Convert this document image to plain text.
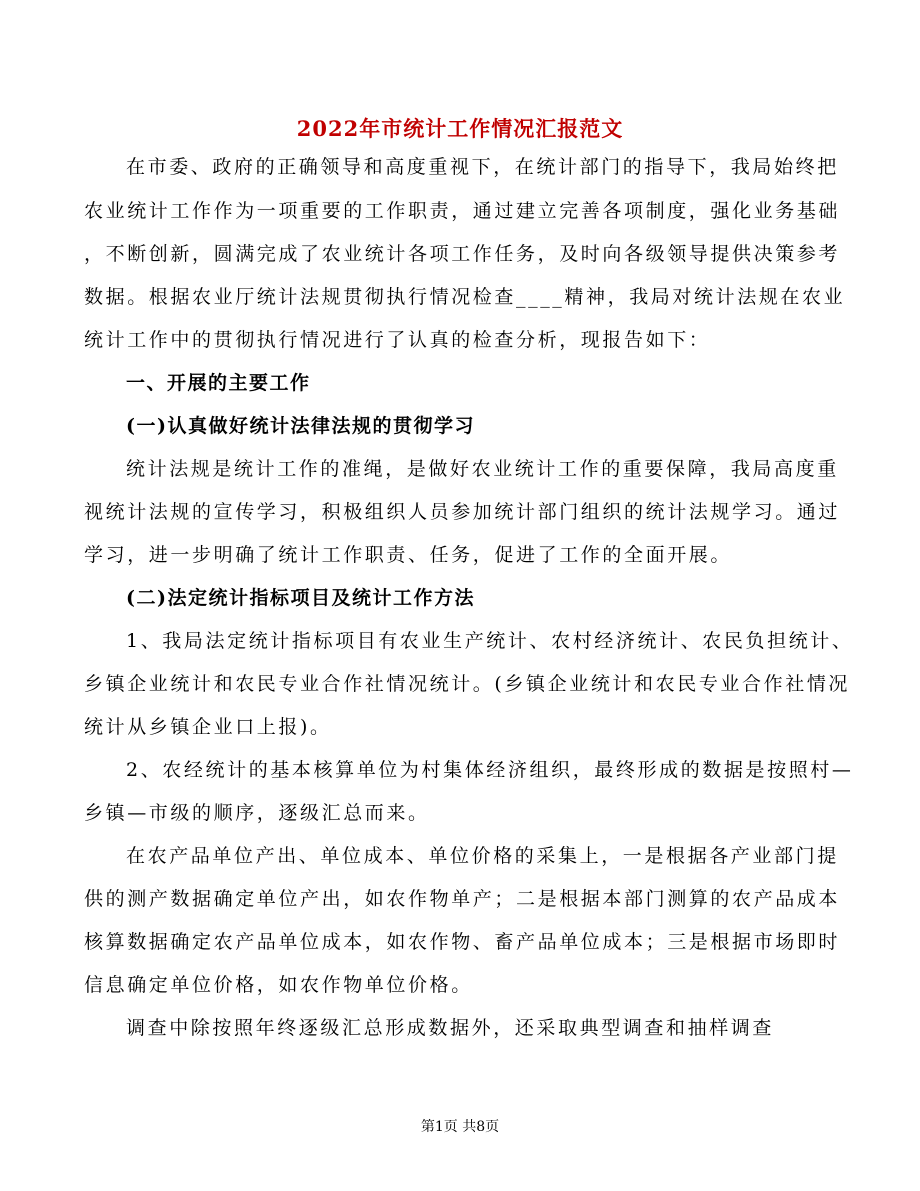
2022年市统计工作情况汇报范文
在市委、政府的正确领导和高度重视下，在统计部门的指导下，我局始终把
农业统计工作作为一项重要的工作职责，通过建立完善各项制度，强化业务基础
，不断创新，圆满完成了农业统计各项工作任务，及时向各级领导提供决策参考
数据。根据农业厅统计法规贯彻执行情况检查____精神，我局对统计法规在农业
统计工作中的贯彻执行情况进行了认真的检查分析，现报告如下：
一、开展的主要工作
(一)认真做好统计法律法规的贯彻学习
统计法规是统计工作的准绳，是做好农业统计工作的重要保障，我局高度重
视统计法规的宣传学习，积极组织人员参加统计部门组织的统计法规学习。通过
学习，进一步明确了统计工作职责、任务，促进了工作的全面开展。
(二)法定统计指标项目及统计工作方法
1、我局法定统计指标项目有农业生产统计、农村经济统计、农民负担统计、
乡镇企业统计和农民专业合作社情况统计。(乡镇企业统计和农民专业合作社情况
统计从乡镇企业口上报)。
2、农经统计的基本核算单位为村集体经济组织，最终形成的数据是按照村—
乡镇—市级的顺序，逐级汇总而来。
在农产品单位产出、单位成本、单位价格的采集上，一是根据各产业部门提
供的测产数据确定单位产出，如农作物单产；二是根据本部门测算的农产品成本
核算数据确定农产品单位成本，如农作物、畜产品单位成本；三是根据市场即时
信息确定单位价格，如农作物单位价格。
调查中除按照年终逐级汇总形成数据外，还采取典型调查和抽样调查
第1页 共8页
